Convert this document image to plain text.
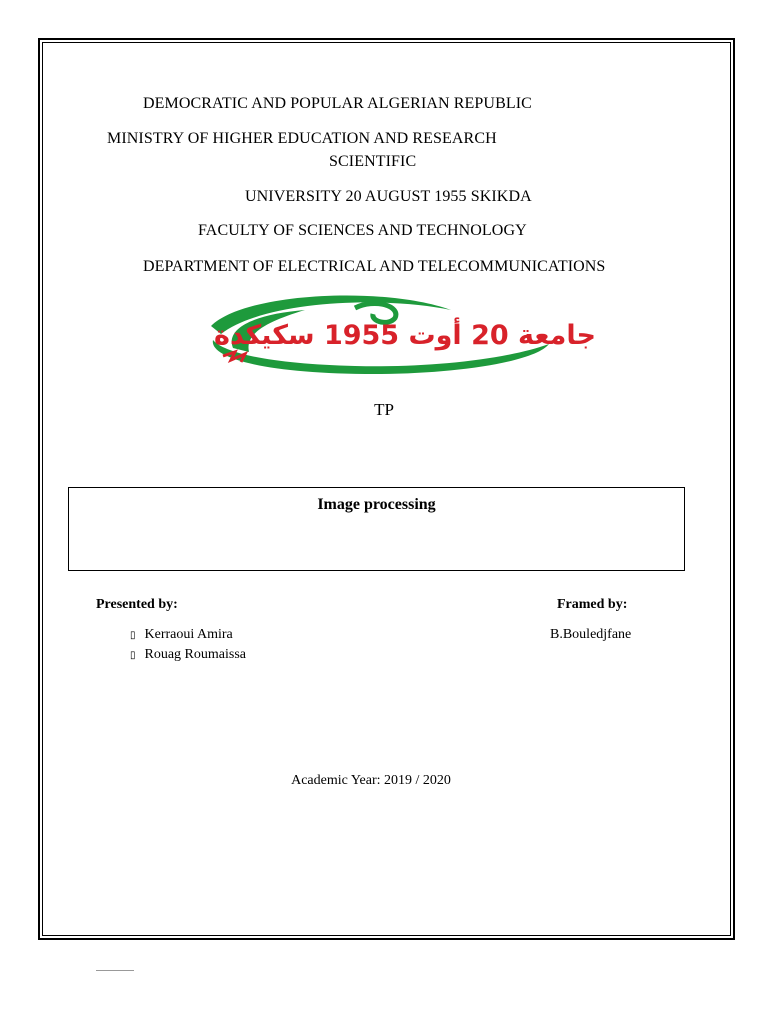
DEMOCRATIC AND POPULAR ALGERIAN REPUBLIC
MINISTRY OF HIGHER EDUCATION AND RESEARCH
SCIENTIFIC
UNIVERSITY 20 AUGUST 1955 SKIKDA
FACULTY OF SCIENCES AND TECHNOLOGY
DEPARTMENT OF ELECTRICAL AND TELECOMMUNICATIONS
جامعة 20 أوت 1955 سكيكدة
TP
Image processing
Presented by:	Framed by:
▯ Kerraoui Amira
▯ Rouag Roumaissa
B.Bouledjfane
Academic Year: 2019 / 2020
